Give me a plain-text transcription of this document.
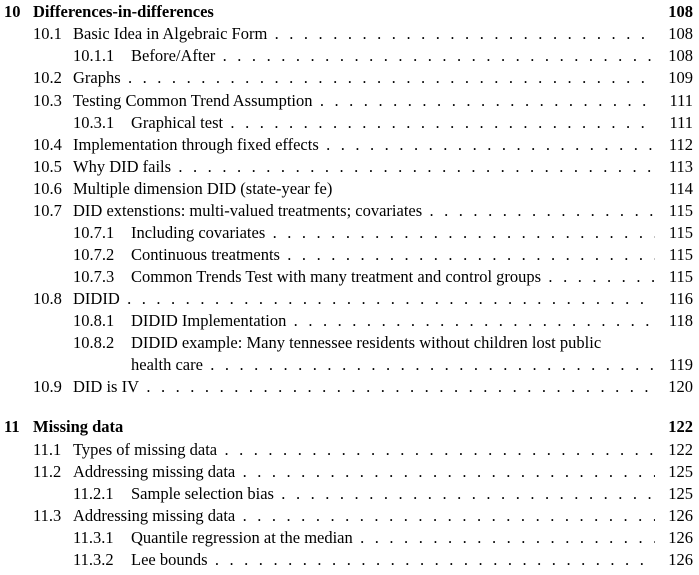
10 Differences-in-differences	108
10.1 Basic Idea in Algebraic Form . . .	108
10.1.1 Before/After . . .	108
10.2 Graphs . . .	109
10.3 Testing Common Trend Assumption . . .	111
10.3.1 Graphical test . . .	111
10.4 Implementation through fixed effects . . .	112
10.5 Why DID fails . . .	113
10.6 Multiple dimension DID (state-year fe)	114
10.7 DID extenstions: multi-valued treatments; covariates . . .	115
10.7.1 Including covariates . . .	115
10.7.2 Continuous treatments . . .	115
10.7.3 Common Trends Test with many treatment and control groups . . .	115
10.8 DIDID . . .	116
10.8.1 DIDID Implementation . . .	118
10.8.2 DIDID example: Many tennessee residents without children lost public
health care . . .	119
10.9 DID is IV . . .	120
11 Missing data	122
11.1 Types of missing data . . .	122
11.2 Addressing missing data . . .	125
11.2.1 Sample selection bias . . .	125
11.3 Addressing missing data . . .	126
11.3.1 Quantile regression at the median . . .	126
11.3.2 Lee bounds . . .	126
